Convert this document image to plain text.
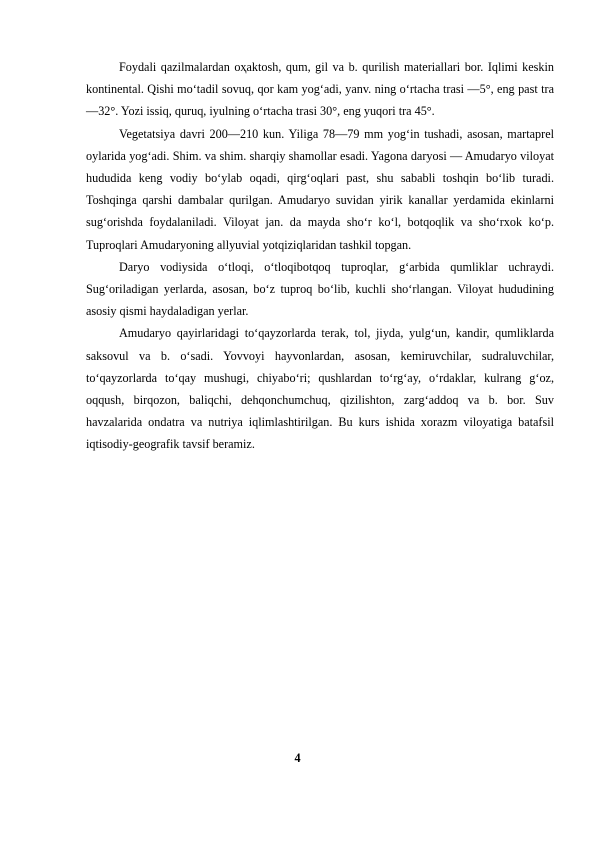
Foydali qazilmalardan oҳaktosh, qum, gil va b. qurilish materiallari bor. Iqlimi keskin kontinental. Qishi mo‘tadil sovuq, qor kam yog‘adi, yanv. ning o‘rtacha trasi —5°, eng past tra —32°. Yozi issiq, quruq, iyulning o‘rtacha trasi 30°, eng yuqori tra 45°.

Vegetatsiya davri 200—210 kun. Yiliga 78—79 mm yog‘in tushadi, asosan, martaprel oylarida yog‘adi. Shim. va shim. sharqiy shamollar esadi. Yagona daryosi — Amudaryo viloyat hududida keng vodiy bo‘ylab oqadi, qirg‘oqlari past, shu sababli toshqin bo‘lib turadi. Toshqinga qarshi dambalar qurilgan. Amudaryo suvidan yirik kanallar yerdamida ekinlarni sug‘orishda foydalaniladi. Viloyat jan. da mayda sho‘r ko‘l, botqoqlik va sho‘rxok ko‘p. Tuproqlari Amudaryoning allyuvial yotqiziqlaridan tashkil topgan.

Daryo vodiysida o‘tloqi, o‘tloqibotqoq tuproqlar, g‘arbida qumliklar uchraydi. Sug‘oriladigan yerlarda, asosan, bo‘z tuproq bo‘lib, kuchli sho‘rlangan. Viloyat hududining asosiy qismi haydaladigan yerlar.

Amudaryo qayirlaridagi to‘qayzorlarda terak, tol, jiyda, yulg‘un, kandir, qumliklarda saksovul va b. o‘sadi. Yovvoyi hayvonlardan, asosan, kemiruvchilar, sudraluvchilar, to‘qayzorlarda to‘qay mushugi, chiyabo‘ri; qushlardan to‘rg‘ay, o‘rdaklar, kulrang g‘oz, oqqush, birqozon, baliqchi, dehqonchumchuq, qizilishton, zarg‘addoq va b. bor. Suv havzalarida ondatra va nutriya iqlimlashtirilgan. Bu kurs ishida xorazm viloyatiga batafsil iqtisodiy-geografik tavsif beramiz.

4
